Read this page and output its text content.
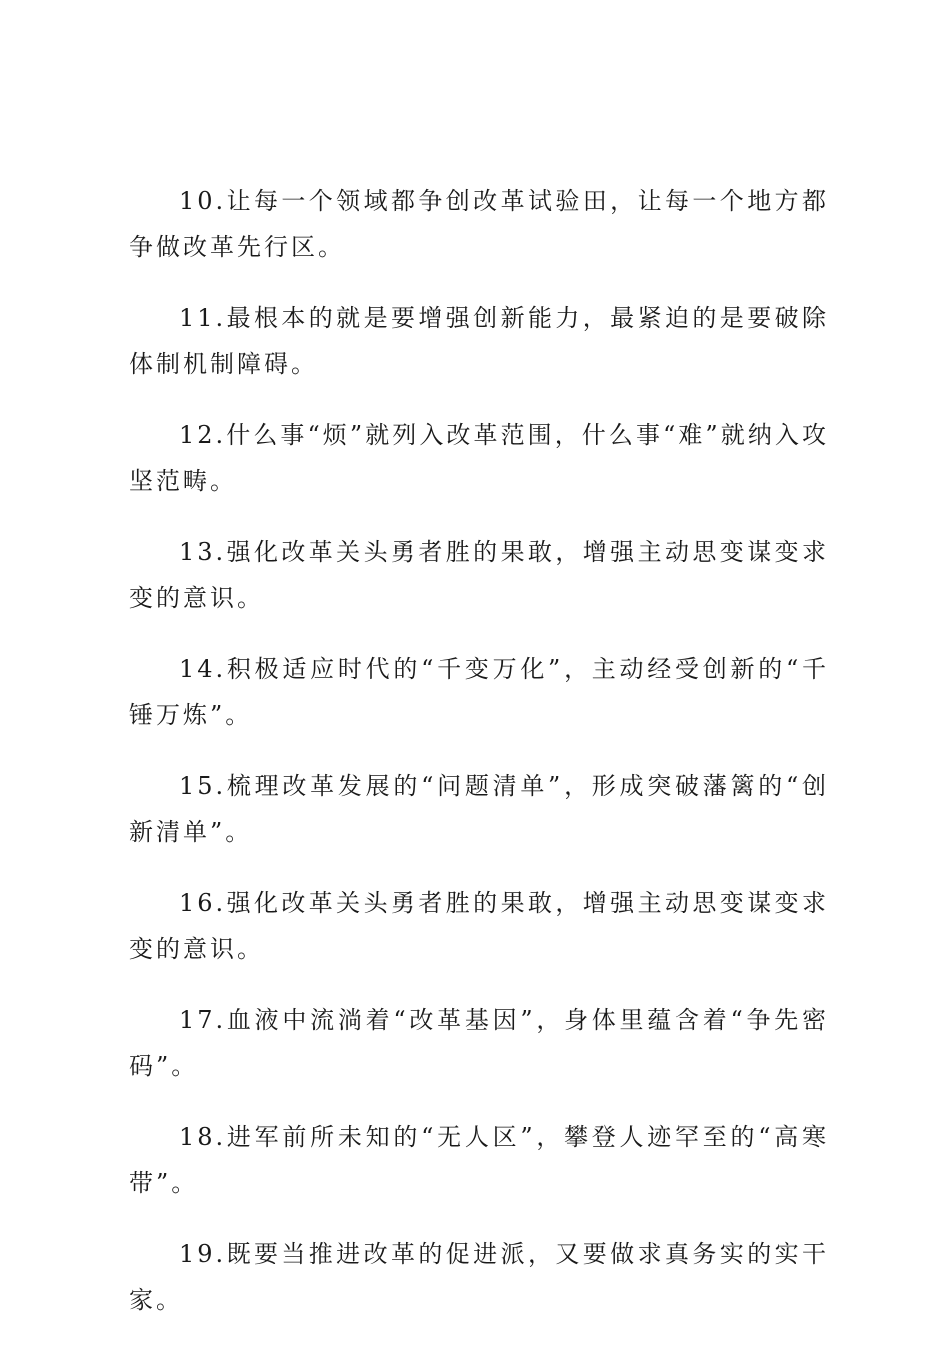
10.让每一个领域都争创改革试验田，让每一个地方都争做改革先行区。

11.最根本的就是要增强创新能力，最紧迫的是要破除体制机制障碍。

12.什么事“烦”就列入改革范围，什么事“难”就纳入攻坚范畴。

13.强化改革关头勇者胜的果敢，增强主动思变谋变求变的意识。

14.积极适应时代的“千变万化”，主动经受创新的“千锤万炼”。

15.梳理改革发展的“问题清单”，形成突破藩篱的“创新清单”。

16.强化改革关头勇者胜的果敢，增强主动思变谋变求变的意识。

17.血液中流淌着“改革基因”，身体里蕴含着“争先密码”。

18.进军前所未知的“无人区”，攀登人迹罕至的“高寒带”。

19.既要当推进改革的促进派，又要做求真务实的实干家。
